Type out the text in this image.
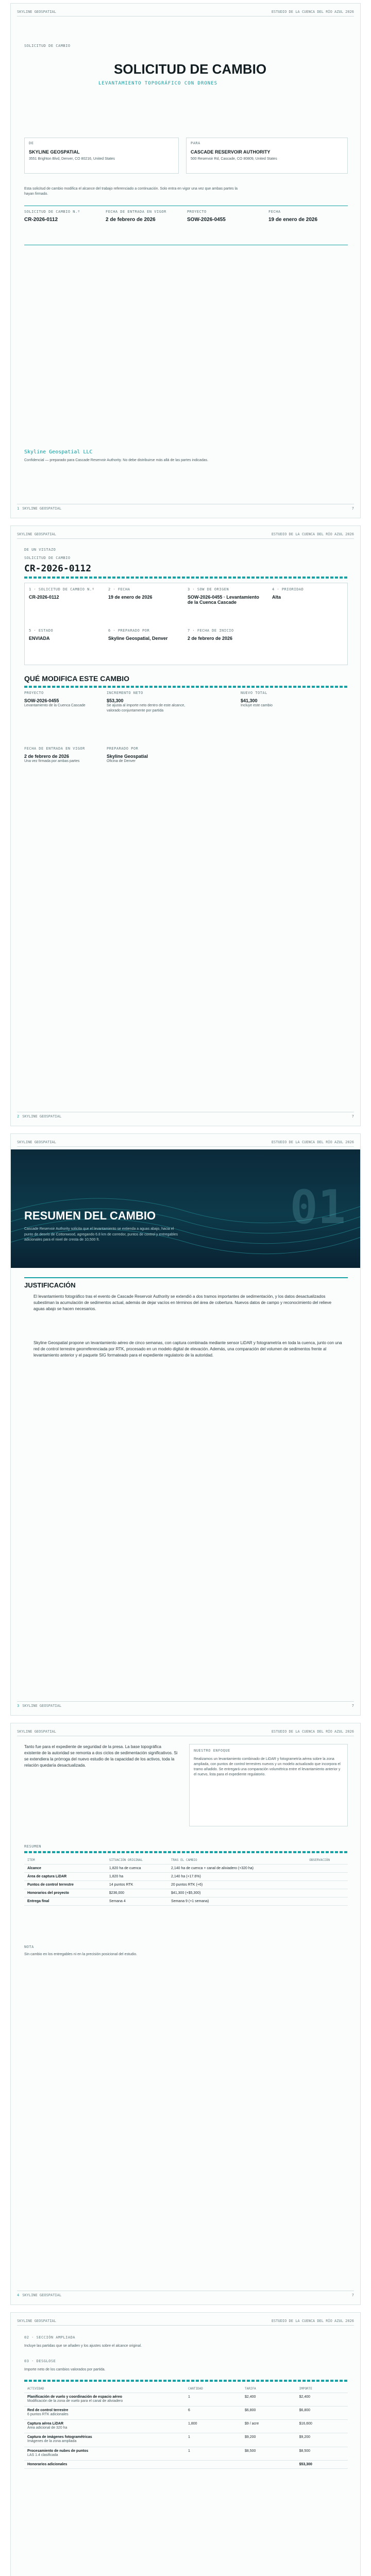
SKYLINE GEOSPATIAL	ESTUDIO DE LA CUENCA DEL RÍO AZUL 2026
SOLICITUD DE CAMBIO
SOLICITUD DE CAMBIO
LEVANTAMIENTO TOPOGRÁFICO CON DRONES
DE
SKYLINE GEOSPATIAL
3551 Brighton Blvd, Denver, CO 80216, United States
PARA
CASCADE RESERVOIR AUTHORITY
500 Reservoir Rd, Cascade, CO 80809, United States
Esta solicitud de cambio modifica el alcance del trabajo referenciado a continuación. Solo entra en vigor una vez que ambas partes la hayan firmado.
SOLICITUD DE CAMBIO N.º
CR-2026-0112
FECHA DE ENTRADA EN VIGOR
2 de febrero de 2026
PROYECTO
SOW-2026-0455
FECHA
19 de enero de 2026
Skyline Geospatial LLC
Confidencial — preparado para Cascade Reservoir Authority. No debe distribuirse más allá de las partes indicadas.
1 SKYLINE GEOSPATIAL	7
SKYLINE GEOSPATIAL	ESTUDIO DE LA CUENCA DEL RÍO AZUL 2026
DE UN VISTAZO
SOLICITUD DE CAMBIO
CR-2026-0112
1 · SOLICITUD DE CAMBIO N.º
CR-2026-0112
2 · FECHA
19 de enero de 2026
3 · SOW DE ORIGEN
SOW-2026-0455 · Levantamiento de la Cuenca Cascade
4 · PRIORIDAD
Alta
5 · ESTADO
ENVIADA
6 · PREPARADO POR
Skyline Geospatial, Denver
7 · FECHA DE INICIO
2 de febrero de 2026
QUÉ MODIFICA ESTE CAMBIO
PROYECTO
SOW-2026-0455
Levantamiento de la Cuenca Cascade
INCREMENTO NETO
$53,300
Se ajusta al importe neto dentro de este alcance, valorado conjuntamente por partida
NUEVO TOTAL
$41,300
Incluye este cambio
FECHA DE ENTRADA EN VIGOR
2 de febrero de 2026
Una vez firmada por ambas partes
PREPARADO POR
Skyline Geospatial
Oficina de Denver
2 SKYLINE GEOSPATIAL	7
SKYLINE GEOSPATIAL	ESTUDIO DE LA CUENCA DEL RÍO AZUL 2026
01
RESUMEN DEL CAMBIO
Cascade Reservoir Authority solicita que el levantamiento se extienda a aguas abajo, hacia el punto de desvío de Cottonwood, agregando 6.8 km de corredor, puntos de control y entregables adicionales para el nivel de cresta de 10,500 ft.
JUSTIFICACIÓN
El levantamiento fotográfico tras el evento de Cascade Reservoir Authority se extendió a dos tramos importantes de sedimentación, y los datos desactualizados subestiman la acumulación de sedimentos actual, además de dejar vacíos en términos del área de cobertura. Nuevos datos de campo y reconocimiento del relieve aguas abajo se hacen necesarios.
Skyline Geospatial propone un levantamiento aéreo de cinco semanas, con captura combinada mediante sensor LiDAR y fotogrametría en toda la cuenca, junto con una red de control terrestre georreferenciada por RTK, procesado en un modelo digital de elevación. Además, una comparación del volumen de sedimentos frente al levantamiento anterior y el paquete SIG formateado para el expediente regulatorio de la autoridad.
3 SKYLINE GEOSPATIAL	7
SKYLINE GEOSPATIAL	ESTUDIO DE LA CUENCA DEL RÍO AZUL 2026
Tanto fue para el expediente de seguridad de la presa. La base topográfica existente de la autoridad se remonta a dos ciclos de sedimentación significativos. Si se extendiera la prórroga del nuevo estudio de la capacidad de los activos, toda la relación quedaría desactualizada.
NUESTRO ENFOQUE
Realizamos un levantamiento combinado de LiDAR y fotogrametría aérea sobre la zona ampliada, con puntos de control terrestres nuevos y un modelo actualizado que incorpora el tramo añadido. Se entregará una comparación volumétrica entre el levantamiento anterior y el nuevo, lista para el expediente regulatorio.
RESUMEN
ITEM	SITUACIÓN ORIGINAL	TRAS EL CAMBIO	OBSERVACIÓN
Alcance	1,820 ha de cuenca	2,140 ha de cuenca + canal de aliviadero (+320 ha)	
Área de captura LiDAR	1,820 ha	2,140 ha (+17.6%)	
Puntos de control terrestre	14 puntos RTK	20 puntos RTK (+6)	
Honorarios del proyecto	$236,000	$41,300 (+$5,300)	
Entrega final	Semana 4	Semana 9 (+1 semana)	
NOTA
Sin cambio en los entregables ni en la precisión posicional del estudio.
4 SKYLINE GEOSPATIAL	7
SKYLINE GEOSPATIAL	ESTUDIO DE LA CUENCA DEL RÍO AZUL 2026
02 · SECCIÓN AMPLIADA
Incluye las partidas que se añaden y los ajustes sobre el alcance original.
03 · DESGLOSE
Importe neto de los cambios valorados por partida.
ACTIVIDAD	CANTIDAD	TARIFA	IMPORTE

Planificación de vuelo y coordinación de espacio aéreo
Modificación de la zona de vuelo para el canal de aliviadero	1	$2,400	$2,400

Red de control terrestre
6 puntos RTK adicionales	6	$6,800	$6,800

Captura aérea LiDAR
Área adicional de 320 ha	1,800	$9 / acre	$16,600

Captura de imágenes fotogramétricas
Imágenes de la zona ampliada	1	$9,200	$9,200

Procesamiento de nubes de puntos
LAS 1.4 clasificada	1	$8,500	$8,500

Honorarios adicionales			$53,300
